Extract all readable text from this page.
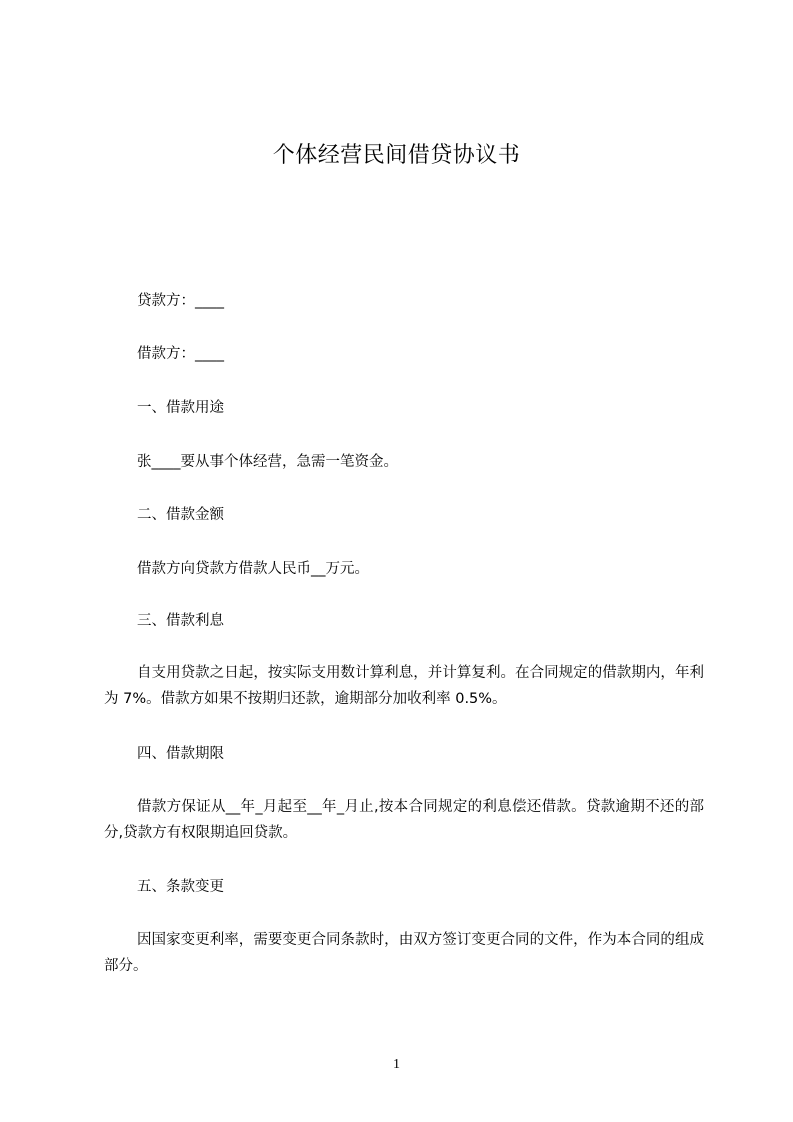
个体经营民间借贷协议书

贷款方：____

借款方：____

一、借款用途

张____要从事个体经营，急需一笔资金。

二、借款金额

借款方向贷款方借款人民币__万元。

三、借款利息

自支用贷款之日起，按实际支用数计算利息，并计算复利。在合同规定的借款期内，年利为 7%。借款方如果不按期归还款，逾期部分加收利率 0.5%。

四、借款期限

借款方保证从__年_月起至__年_月止,按本合同规定的利息偿还借款。贷款逾期不还的部分,贷款方有权限期追回贷款。

五、条款变更

因国家变更利率，需要变更合同条款时，由双方签订变更合同的文件，作为本合同的组成部分。

1
